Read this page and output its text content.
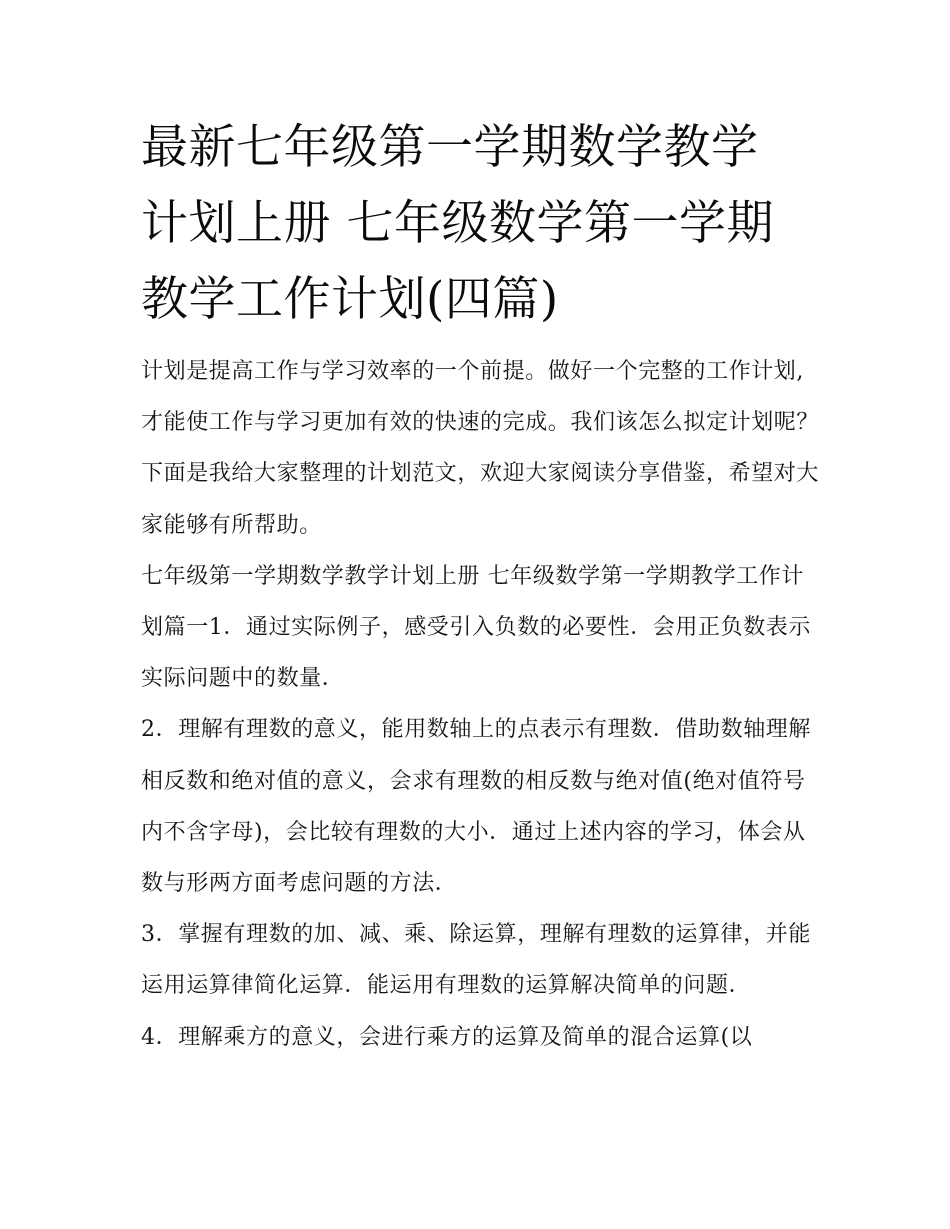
最新七年级第一学期数学教学
计划上册 七年级数学第一学期
教学工作计划(四篇)

计划是提高工作与学习效率的一个前提。做好一个完整的工作计划,才能使工作与学习更加有效的快速的完成。我们该怎么拟定计划呢？下面是我给大家整理的计划范文，欢迎大家阅读分享借鉴，希望对大家能够有所帮助。

七年级第一学期数学教学计划上册 七年级数学第一学期教学工作计划篇一1．通过实际例子，感受引入负数的必要性．会用正负数表示实际问题中的数量．

2．理解有理数的意义，能用数轴上的点表示有理数．借助数轴理解相反数和绝对值的意义，会求有理数的相反数与绝对值(绝对值符号内不含字母)，会比较有理数的大小．通过上述内容的学习，体会从数与形两方面考虑问题的方法．

3．掌握有理数的加、减、乘、除运算，理解有理数的运算律，并能运用运算律简化运算．能运用有理数的运算解决简单的问题．

4．理解乘方的意义，会进行乘方的运算及简单的混合运算(以
